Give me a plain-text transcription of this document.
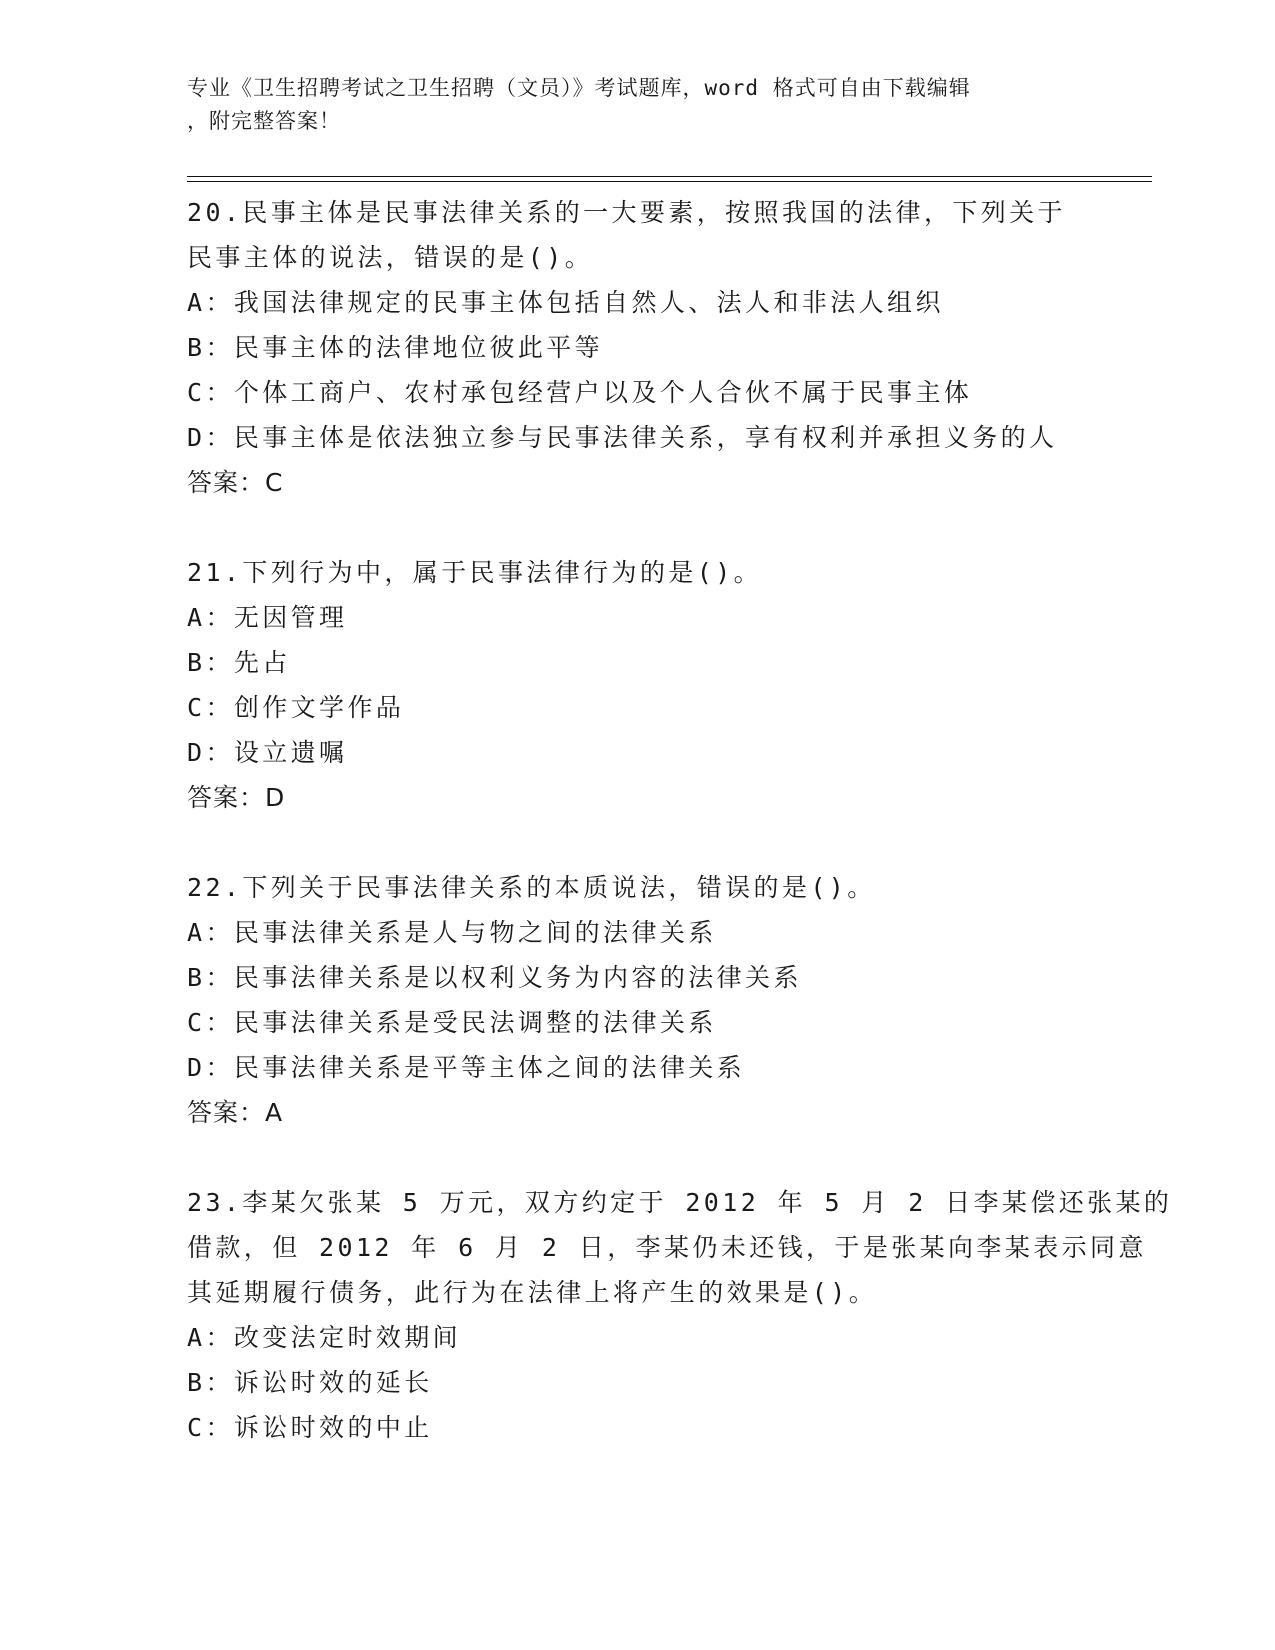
专业《卫生招聘考试之卫生招聘（文员）》考试题库，word 格式可自由下载编辑
，附完整答案！
20.民事主体是民事法律关系的一大要素，按照我国的法律，下列关于
民事主体的说法，错误的是()。
A：我国法律规定的民事主体包括自然人、法人和非法人组织
B：民事主体的法律地位彼此平等
C：个体工商户、农村承包经营户以及个人合伙不属于民事主体
D：民事主体是依法独立参与民事法律关系，享有权利并承担义务的人
答案：C
21.下列行为中，属于民事法律行为的是()。
A：无因管理
B：先占
C：创作文学作品
D：设立遗嘱
答案：D
22.下列关于民事法律关系的本质说法，错误的是()。
A：民事法律关系是人与物之间的法律关系
B：民事法律关系是以权利义务为内容的法律关系
C：民事法律关系是受民法调整的法律关系
D：民事法律关系是平等主体之间的法律关系
答案：A
23.李某欠张某 5 万元，双方约定于 2012 年 5 月 2 日李某偿还张某的
借款，但 2012 年 6 月 2 日，李某仍未还钱，于是张某向李某表示同意
其延期履行债务，此行为在法律上将产生的效果是()。
A：改变法定时效期间
B：诉讼时效的延长
C：诉讼时效的中止
